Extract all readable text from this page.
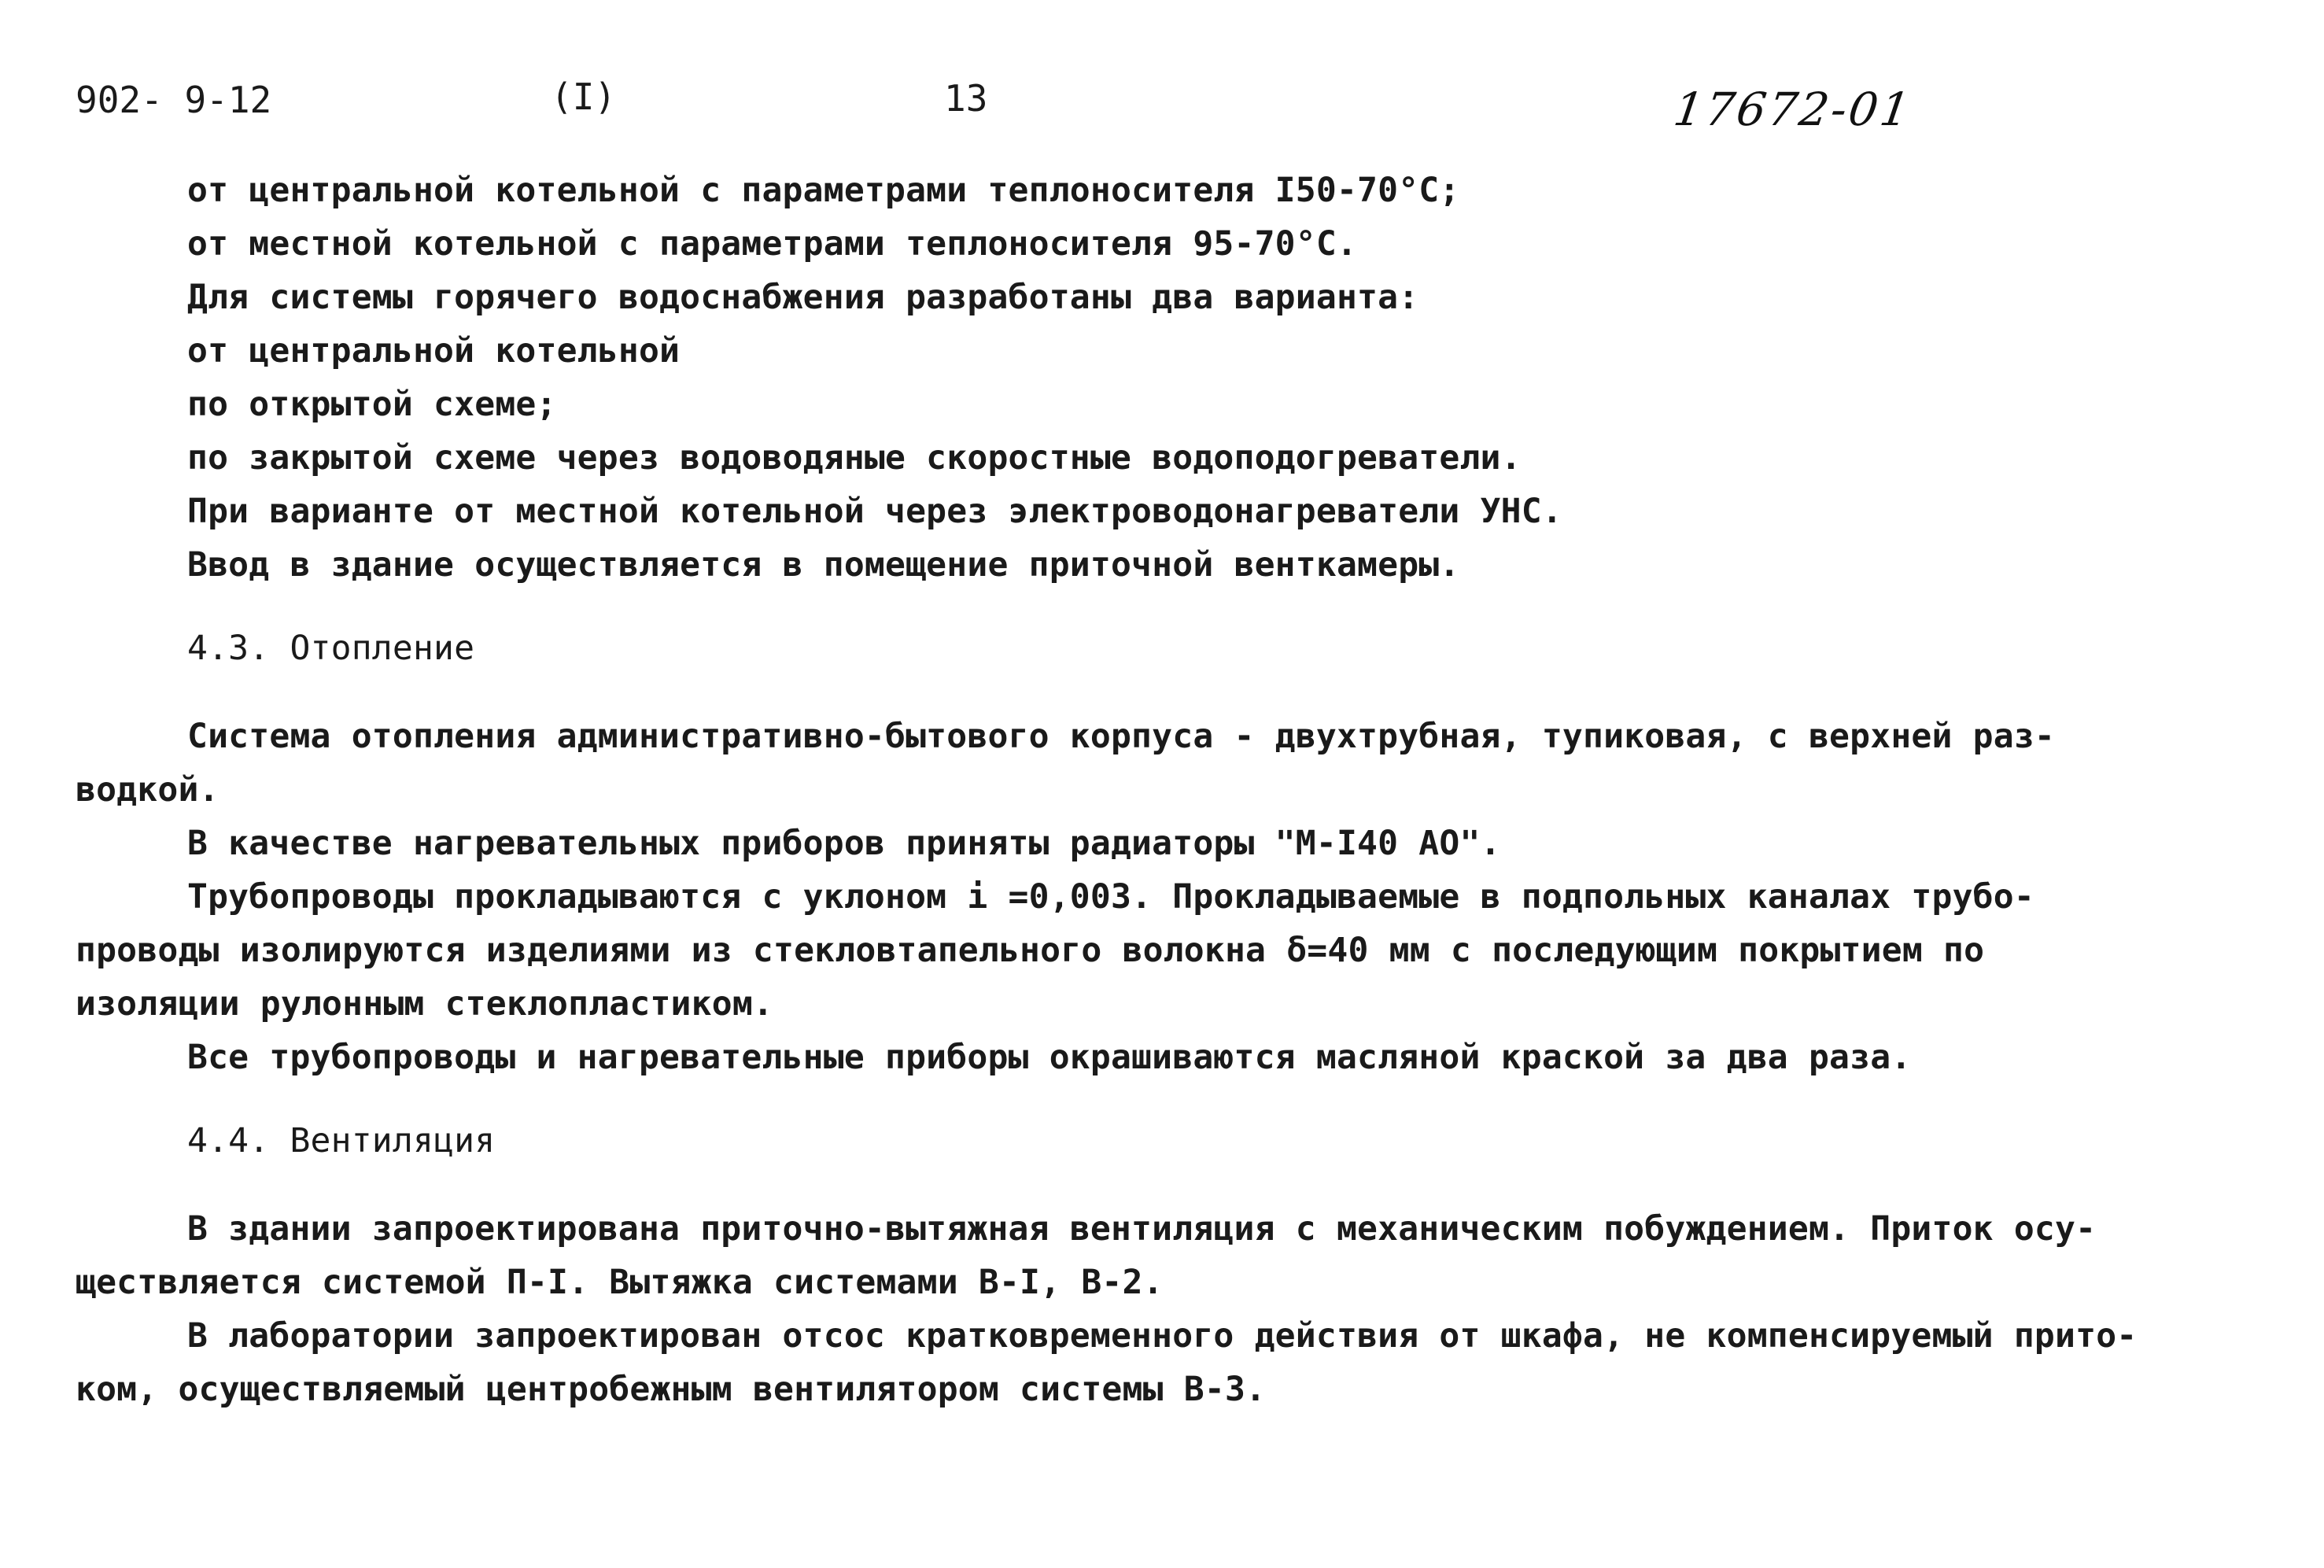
902- 9-12	(I)	13	17672-01
от центральной котельной с параметрами теплоносителя I50-70°С;
от местной котельной с параметрами теплоносителя 95-70°С.
Для системы горячего водоснабжения разработаны два варианта:
от центральной котельной
по открытой схеме;
по закрытой схеме через водоводяные скоростные водоподогреватели.
При варианте от местной котельной через электроводонагреватели УНС.
Ввод в здание осуществляется в помещение приточной венткамеры.
4.3. Отопление
Система отопления административно-бытового корпуса - двухтрубная, тупиковая, с верхней раз-
водкой.
В качестве нагревательных приборов приняты радиаторы "М-I40 АО".
Трубопроводы прокладываются с уклоном i =0,003. Прокладываемые в подпольных каналах трубо-
проводы изолируются изделиями из стекловтапельного волокна δ=40 мм с последующим покрытием по
изоляции рулонным стеклопластиком.
Все трубопроводы и нагревательные приборы окрашиваются масляной краской за два раза.
4.4. Вентиляция
В здании запроектирована приточно-вытяжная вентиляция с механическим побуждением. Приток осу-
ществляется системой П-I. Вытяжка системами В-I, В-2.
В лаборатории запроектирован отсос кратковременного действия от шкафа, не компенсируемый прито-
ком, осуществляемый центробежным вентилятором системы В-3.
